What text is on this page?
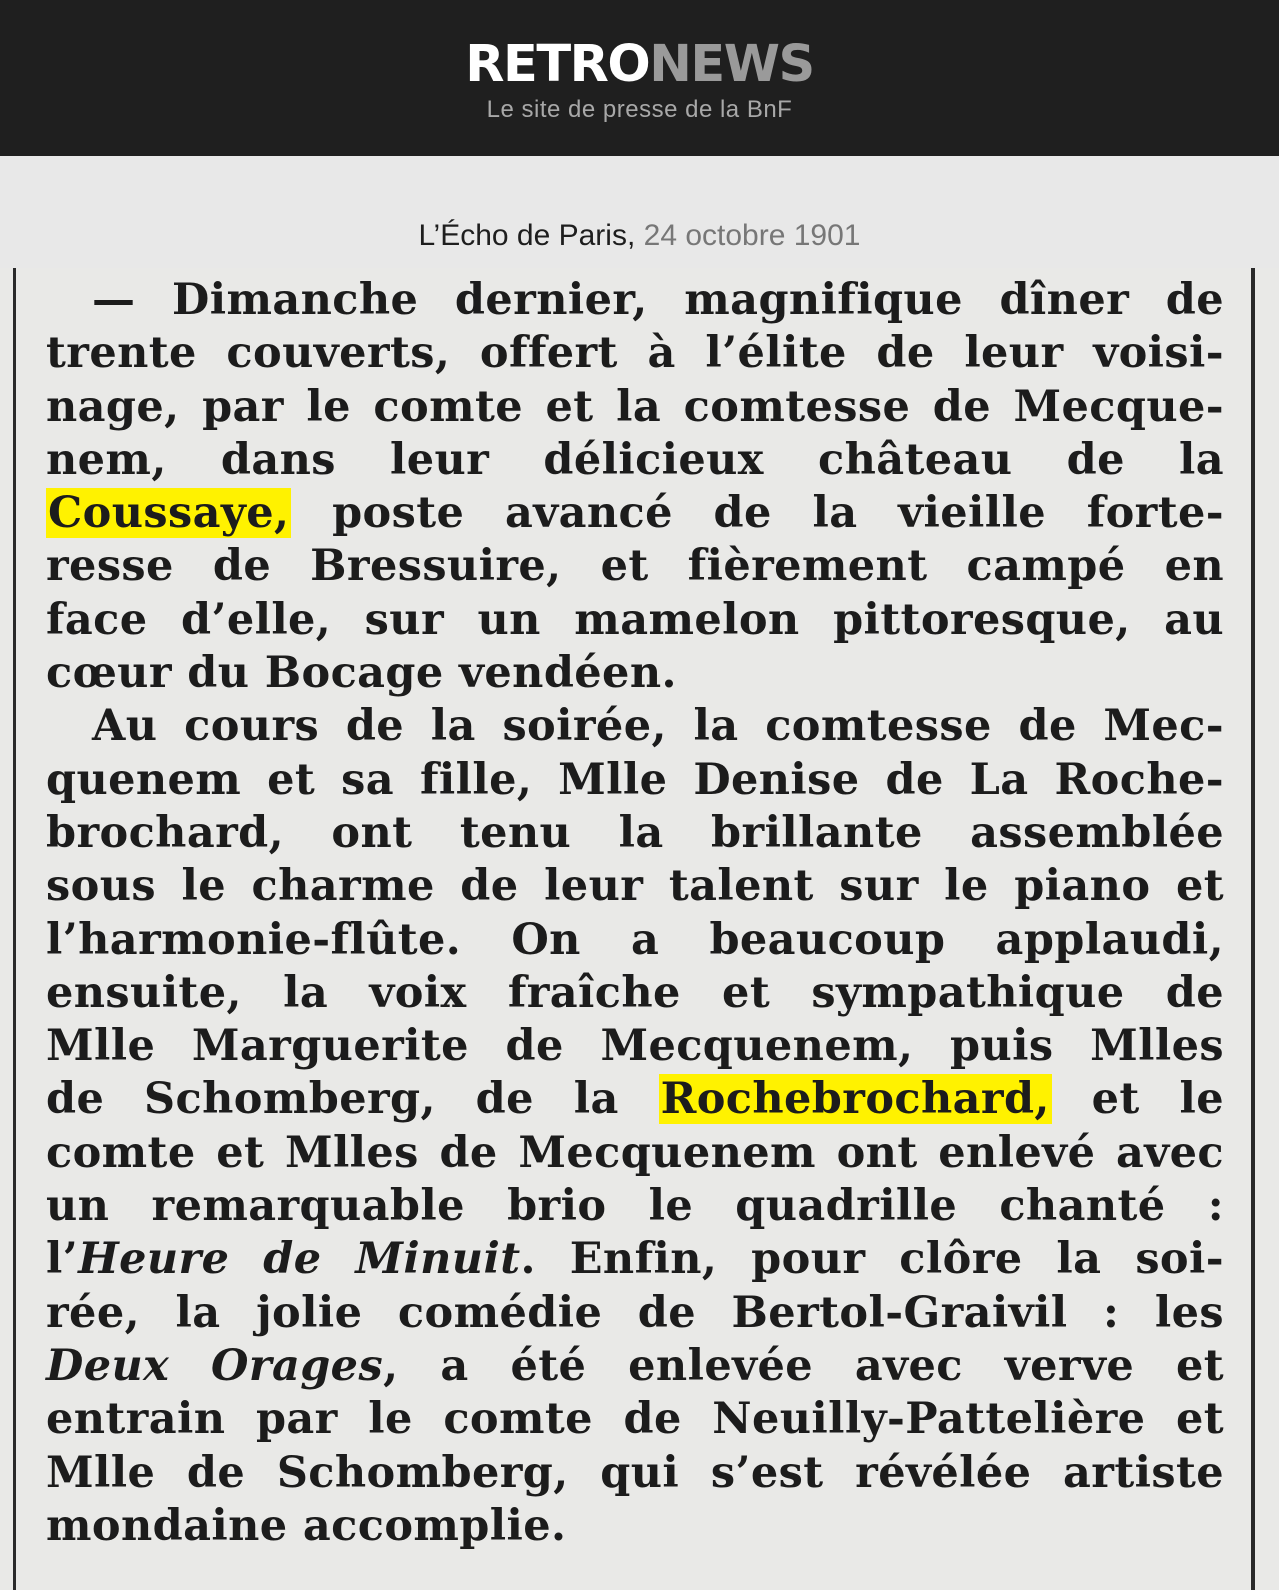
RETRONEWS
Le site de presse de la BnF
L’Écho de Paris, 24 octobre 1901
— Dimanche dernier, magnifique dîner de
trente couverts, offert à l’élite de leur voisi-
nage, par le comte et la comtesse de Mecque-
nem, dans leur délicieux château de la
Coussaye, poste avancé de la vieille forte-
resse de Bressuire, et fièrement campé en
face d’elle, sur un mamelon pittoresque, au
cœur du Bocage vendéen.
Au cours de la soirée, la comtesse de Mec-
quenem et sa fille, Mlle Denise de La Roche-
brochard, ont tenu la brillante assemblée
sous le charme de leur talent sur le piano et
l’harmonie-flûte. On a beaucoup applaudi,
ensuite, la voix fraîche et sympathique de
Mlle Marguerite de Mecquenem, puis Mlles
de Schomberg, de la Rochebrochard, et le
comte et Mlles de Mecquenem ont enlevé avec
un remarquable brio le quadrille chanté :
l’Heure de Minuit. Enfin, pour clôre la soi-
rée, la jolie comédie de Bertol-Graivil : les
Deux Orages, a été enlevée avec verve et
entrain par le comte de Neuilly-Pattelière et
Mlle de Schomberg, qui s’est révélée artiste
mondaine accomplie.
